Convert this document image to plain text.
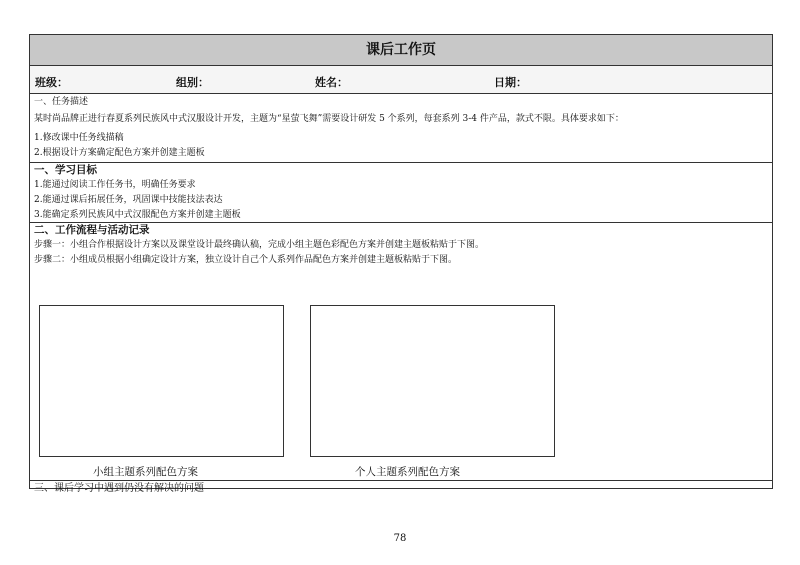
课后工作页
班级：	组别：	姓名：	日期：
一、任务描述
某时尚品牌正进行春夏系列民族风中式汉服设计开发，主题为“星萤飞舞”需要设计研发 5 个系列，每套系列 3-4 件产品，款式不限。具体要求如下：
1.修改课中任务线描稿
2.根据设计方案确定配色方案并创建主题板
一、学习目标
1.能通过阅读工作任务书，明确任务要求
2.能通过课后拓展任务，巩固课中技能技法表达
3.能确定系列民族风中式汉服配色方案并创建主题板
二、工作流程与活动记录
步骤一：小组合作根据设计方案以及课堂设计最终确认稿，完成小组主题色彩配色方案并创建主题板粘贴于下图。
步骤二：小组成员根据小组确定设计方案，独立设计自己个人系列作品配色方案并创建主题板粘贴于下图。
小组主题系列配色方案	个人主题系列配色方案
三、课后学习中遇到仍没有解决的问题
78
